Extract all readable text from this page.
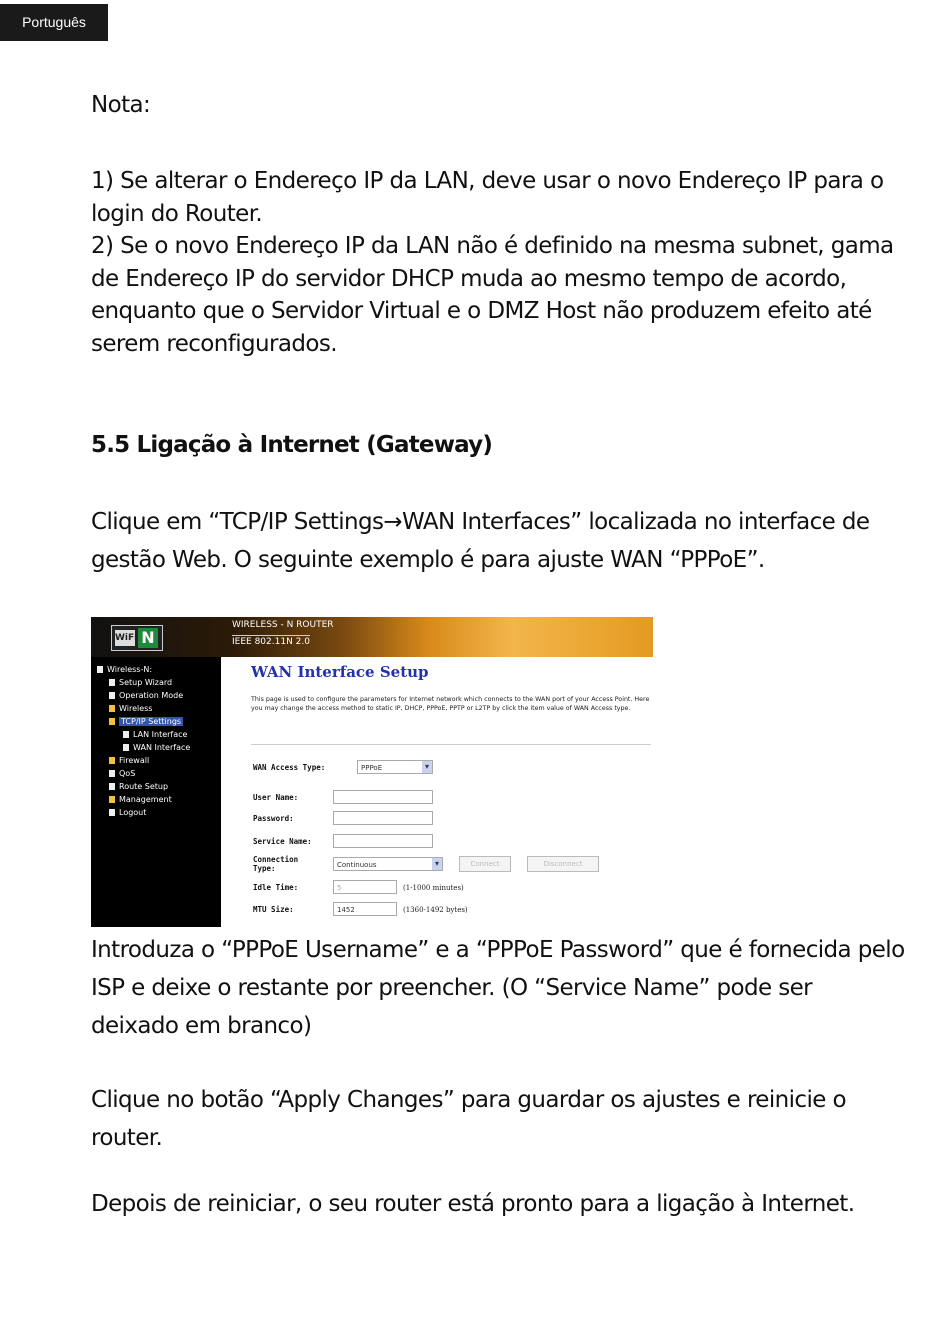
Português
Nota:

1) Se alterar o Endereço IP da LAN, deve usar o novo Endereço IP para o login do Router.

2) Se o novo Endereço IP da LAN não é definido na mesma subnet, gama de Endereço IP do servidor DHCP muda ao mesmo tempo de acordo, enquanto que o Servidor Virtual e o DMZ Host não produzem efeito até serem reconfigurados.

5.5 Ligação à Internet (Gateway)
Clique em “TCP/IP Settings→WAN Interfaces” localizada no interface de gestão Web. O seguinte exemplo é para ajuste WAN “PPPoE”.
WiFi N
WIRELESS - N ROUTER
IEEE 802.11N 2.0
Wireless-N:
Setup Wizard
Operation Mode
Wireless
TCP/IP Settings
LAN Interface
WAN Interface
Firewall
QoS
Route Setup
Management
Logout
WAN Interface Setup
This page is used to configure the parameters for Internet network which connects to the WAN port of your Access Point. Here you may change the access method to static IP, DHCP, PPPoE, PPTP or L2TP by click the item value of WAN Access type.
WAN Access Type:	PPPoE ▾
User Name:
Password:
Service Name:
Connection
Type:	Continuous ▾	Connect	Disconnect
Idle Time:	5	(1-1000 minutes)
MTU Size:	1452	(1360-1492 bytes)
Introduza o “PPPoE Username” e a “PPPoE Password” que é fornecida pelo ISP e deixe o restante por preencher. (O “Service Name” pode ser deixado em branco)
Clique no botão “Apply Changes” para guardar os ajustes e reinicie o router.
Depois de reiniciar, o seu router está pronto para a ligação à Internet.
